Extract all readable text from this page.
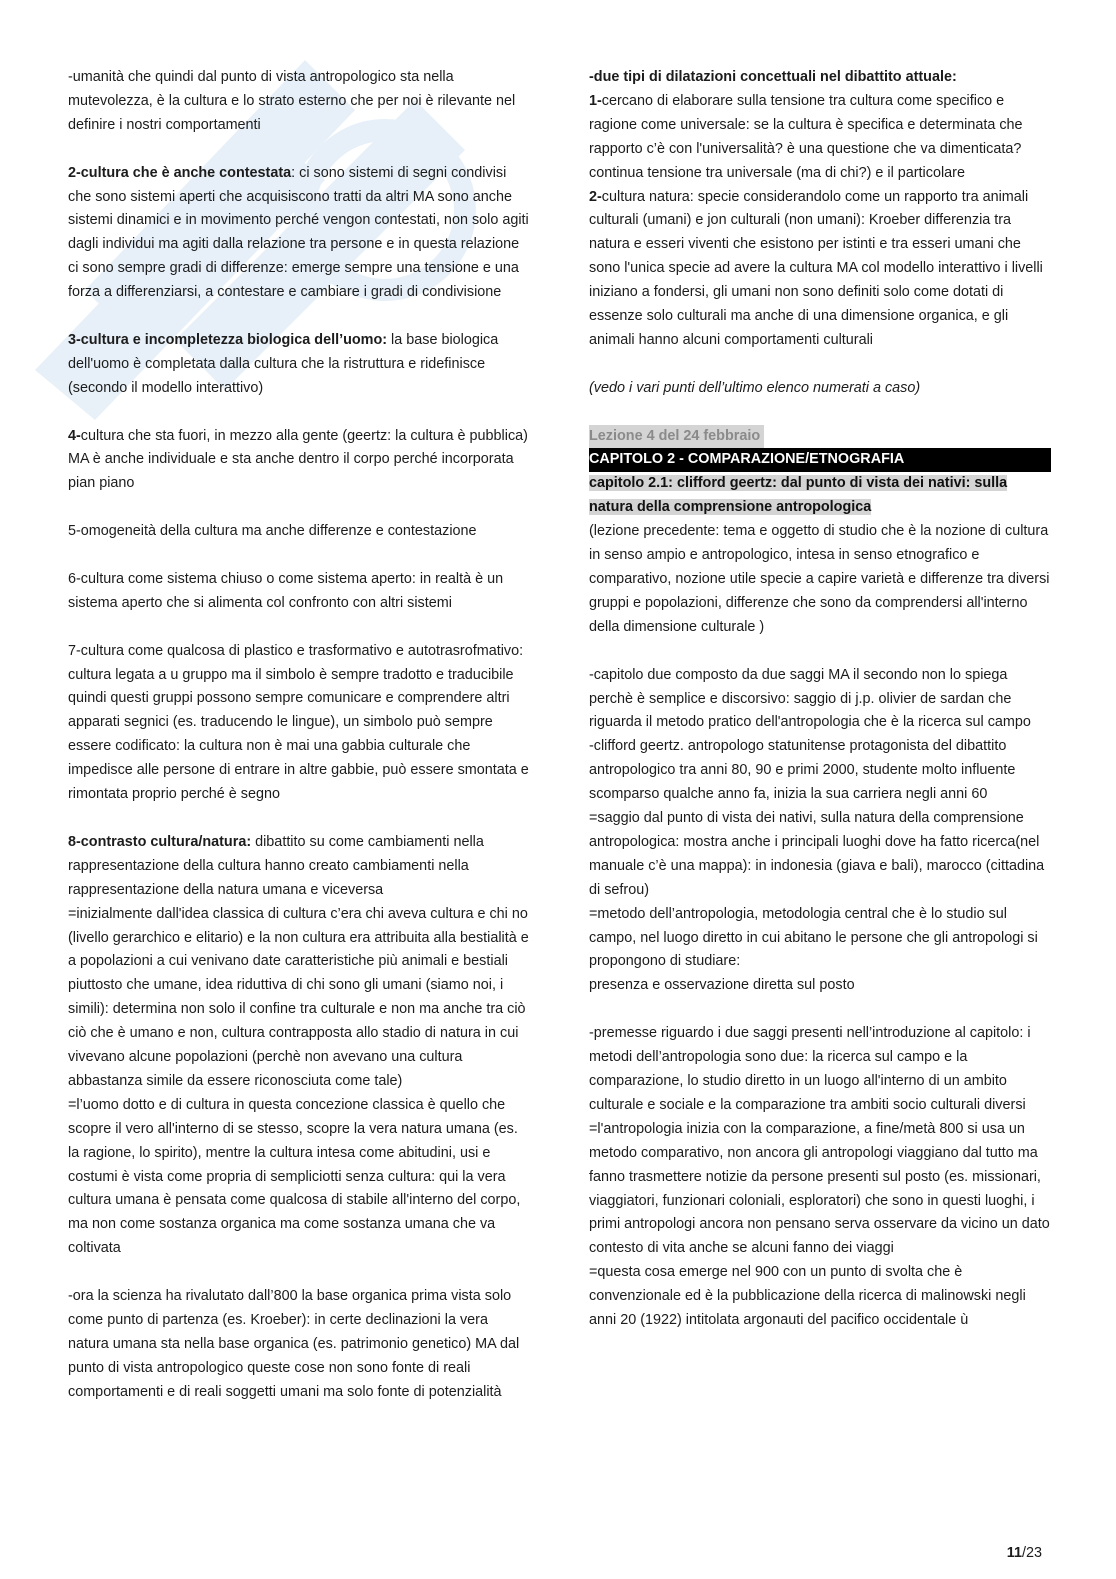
-umanità che quindi dal punto di vista antropologico sta nella mutevolezza, è la cultura e lo strato esterno che per noi è rilevante nel definire i nostri comportamenti

2-cultura che è anche contestata: ci sono sistemi di segni condivisi che sono sistemi aperti che acquisiscono tratti da altri MA sono anche sistemi dinamici e in movimento perché vengon contestati, non solo agiti dagli individui ma agiti dalla relazione tra persone e in questa relazione ci sono sempre gradi di differenze: emerge sempre una tensione e una forza a differenziarsi, a contestare e cambiare i gradi di condivisione

3-cultura e incompletezza biologica dell’uomo: la base biologica dell'uomo è completata dalla cultura che la ristruttura e ridefinisce (secondo il modello interattivo)

4-cultura che sta fuori, in mezzo alla gente (geertz: la cultura è pubblica) MA è anche individuale e sta anche dentro il corpo perché incorporata pian piano

5-omogeneità della cultura ma anche differenze e contestazione

6-cultura come sistema chiuso o come sistema aperto: in realtà è un sistema aperto che si alimenta col confronto con altri sistemi

7-cultura come qualcosa di plastico e trasformativo e autotrasrofmativo: cultura legata a u gruppo ma il simbolo è sempre tradotto e traducibile quindi questi gruppi possono sempre comunicare e comprendere altri apparati segnici (es. traducendo le lingue), un simbolo può sempre essere codificato: la cultura non è mai una gabbia culturale che impedisce alle persone di entrare in altre gabbie, può essere smontata e rimontata proprio perché è segno

8-contrasto cultura/natura: dibattito su come cambiamenti nella rappresentazione della cultura hanno creato cambiamenti nella rappresentazione della natura umana e viceversa

=inizialmente dall'idea classica di cultura c’era chi aveva cultura e chi no (livello gerarchico e elitario) e la non cultura era attribuita alla bestialità e a popolazioni a cui venivano date caratteristiche più animali e bestiali piuttosto che umane, idea riduttiva di chi sono gli umani (siamo noi, i simili): determina non solo il confine tra culturale e non ma anche tra ciò ciò che è umano e non, cultura contrapposta allo stadio di natura in cui vivevano alcune popolazioni (perchè non avevano una cultura abbastanza simile da essere riconosciuta come tale)

=l’uomo dotto e di cultura in questa concezione classica è quello che scopre il vero all'interno di se stesso, scopre la vera natura umana (es. la ragione, lo spirito), mentre la cultura intesa come abitudini, usi e costumi è vista come propria di sempliciotti senza cultura: qui la vera cultura umana è pensata come qualcosa di stabile all'interno del corpo, ma non come sostanza organica ma come sostanza umana che va coltivata

-ora la scienza ha rivalutato dall’800 la base organica prima vista solo come punto di partenza (es. Kroeber): in certe declinazioni la vera natura umana sta nella base organica (es. patrimonio genetico) MA dal punto di vista antropologico queste cose non sono fonte di reali comportamenti e di reali soggetti umani ma solo fonte di potenzialità

-due tipi di dilatazioni concettuali nel dibattito attuale:

1-cercano di elaborare sulla tensione tra cultura come specifico e ragione come universale: se la cultura è specifica e determinata che rapporto c’è con l'universalità? è una questione che va dimenticata? continua tensione tra universale (ma di chi?) e il particolare

2-cultura natura: specie considerandolo come un rapporto tra animali culturali (umani) e jon culturali (non umani): Kroeber differenzia tra natura e esseri viventi che esistono per istinti e tra esseri umani che sono l'unica specie ad avere la cultura MA col modello interattivo i livelli iniziano a fondersi, gli umani non sono definiti solo come dotati di essenze solo culturali ma anche di una dimensione organica, e gli animali hanno alcuni comportamenti culturali

(vedo i vari punti dell’ultimo elenco numerati a caso)

Lezione 4 del 24 febbraio
CAPITOLO 2 - COMPARAZIONE/ETNOGRAFIA
capitolo 2.1: clifford geertz: dal punto di vista dei nativi: sulla natura della comprensione antropologica

(lezione precedente: tema e oggetto di studio che è la nozione di cultura in senso ampio e antropologico, intesa in senso etnografico e comparativo, nozione utile specie a capire varietà e differenze tra diversi gruppi e popolazioni, differenze che sono da comprendersi all'interno della dimensione culturale )

-capitolo due composto da due saggi MA il secondo non lo spiega perchè è semplice e discorsivo: saggio di j.p. olivier de sardan che riguarda il metodo pratico dell'antropologia che è la ricerca sul campo

-clifford geertz. antropologo statunitense protagonista del dibattito antropologico tra anni 80, 90 e primi 2000, studente molto influente scomparso qualche anno fa, inizia la sua carriera negli anni 60

=saggio dal punto di vista dei nativi, sulla natura della comprensione antropologica: mostra anche i principali luoghi dove ha fatto ricerca(nel manuale c’è una mappa): in indonesia (giava e bali), marocco (cittadina di sefrou)

=metodo dell’antropologia, metodologia central che è lo studio sul campo, nel luogo diretto in cui abitano le persone che gli antropologi si propongono di studiare:

presenza e osservazione diretta sul posto

-premesse riguardo i due saggi presenti nell’introduzione al capitolo: i metodi dell’antropologia sono due: la ricerca sul campo e la comparazione, lo studio diretto in un luogo all'interno di un ambito culturale e sociale e la comparazione tra ambiti socio culturali diversi

=l'antropologia inizia con la comparazione, a fine/metà 800 si usa un metodo comparativo, non ancora gli antropologi viaggiano dal tutto ma fanno trasmettere notizie da persone presenti sul posto (es. missionari, viaggiatori, funzionari coloniali, esploratori) che sono in questi luoghi, i primi antropologi ancora non pensano serva osservare da vicino un dato contesto di vita anche se alcuni fanno dei viaggi

=questa cosa emerge nel 900 con un punto di svolta che è convenzionale ed è la pubblicazione della ricerca di malinowski negli anni 20 (1922) intitolata argonauti del pacifico occidentale ù

11/23
